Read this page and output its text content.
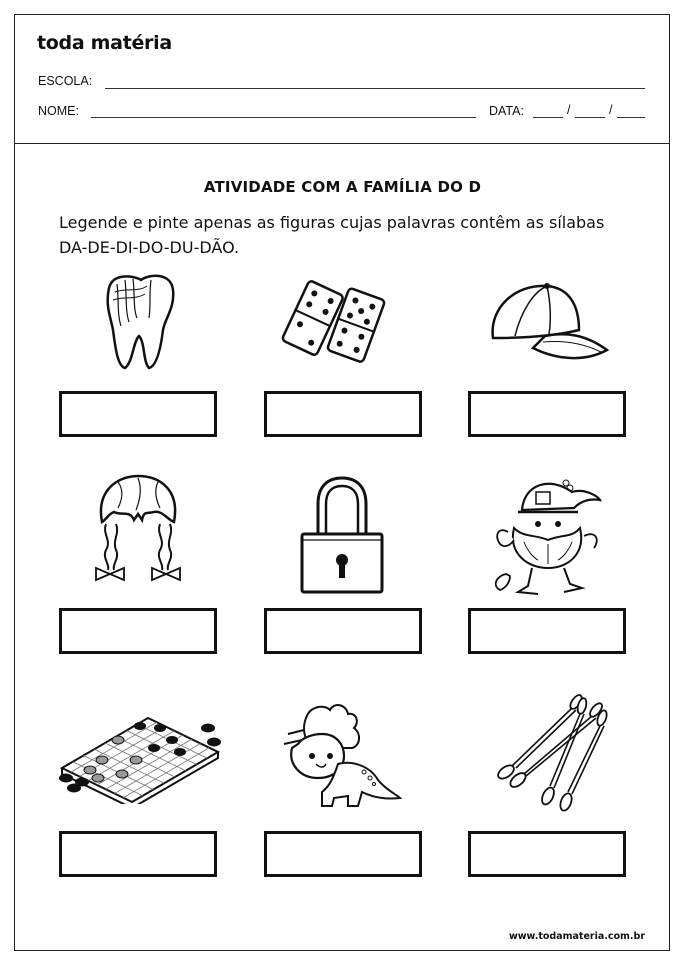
toda matéria
ESCOLA:
NOME:	DATA:	/	/
ATIVIDADE COM A FAMÍLIA DO D
Legende e pinte apenas as figuras cujas palavras contêm as sílabas
DA-DE-DI-DO-DU-DÃO.
www.todamateria.com.br
